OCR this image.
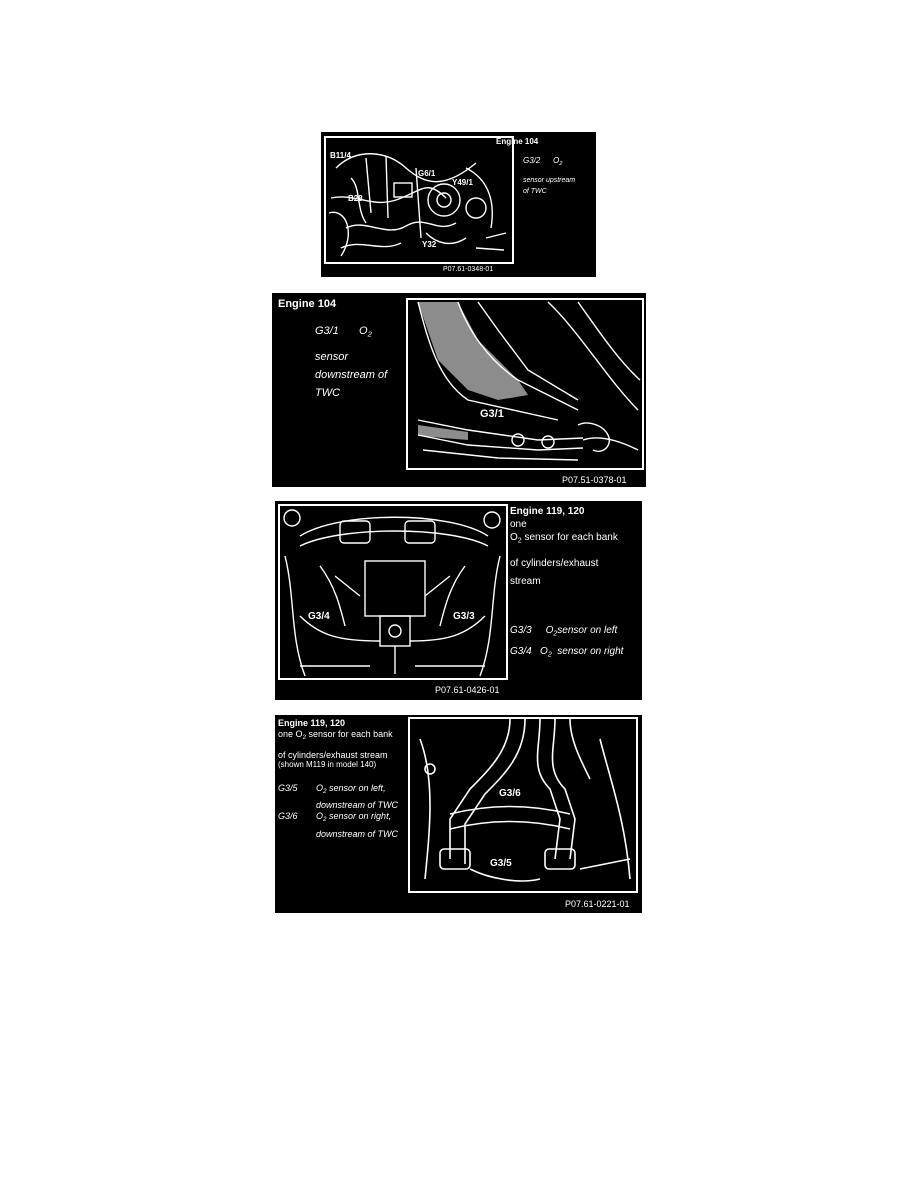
B11/4
G6/1
Y49/1
B28
Y32
Engine 104
G3/2 $O_2$
sensor upstream
of TWC
P07.61-0348-01
Engine 104
G3/1 $O_2$
sensor
downstream of
TWC
G3/1
P07.51-0378-01
G3/4	G3/3
Engine 119, 120
one
$O_2$ sensor for each bank
of cylinders/exhaust
stream
G3/3 $O_2sensor$ on left
G3/4 $O_2$ sensor on right
P07.61-0426-01
Engine 119, 120
one $O_2$ sensor for each bank
of cylinders/exhaust stream
(shown M119 in model 140)
G3/5 $O_2$ sensor on left,
downstream of TWC
G3/6 $O_2$ sensor on right,
downstream of TWC
G3/6
G3/5
P07.61-0221-01
